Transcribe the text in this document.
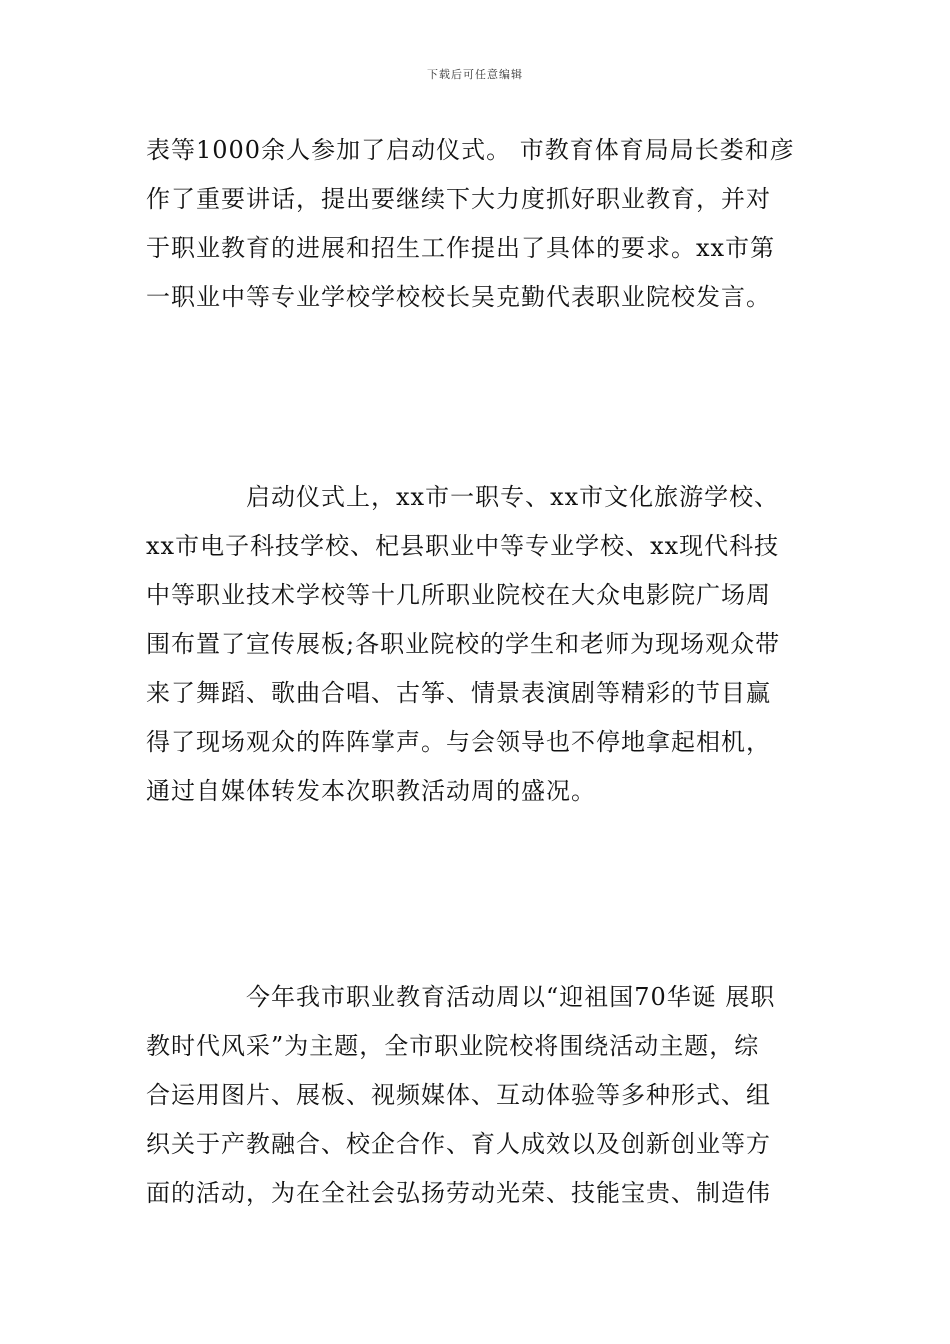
下载后可任意编辑
表等1000余人参加了启动仪式。 市教育体育局局长娄和彦
作了重要讲话，提出要继续下大力度抓好职业教育，并对
于职业教育的进展和招生工作提出了具体的要求。xx市第
一职业中等专业学校学校校长吴克勤代表职业院校发言。
启动仪式上，xx市一职专、xx市文化旅游学校、
xx市电子科技学校、杞县职业中等专业学校、xx现代科技
中等职业技术学校等十几所职业院校在大众电影院广场周
围布置了宣传展板;各职业院校的学生和老师为现场观众带
来了舞蹈、歌曲合唱、古筝、情景表演剧等精彩的节目赢
得了现场观众的阵阵掌声。与会领导也不停地拿起相机，
通过自媒体转发本次职教活动周的盛况。
今年我市职业教育活动周以“迎祖国70华诞 展职
教时代风采”为主题，全市职业院校将围绕活动主题，综
合运用图片、展板、视频媒体、互动体验等多种形式、组
织关于产教融合、校企合作、育人成效以及创新创业等方
面的活动，为在全社会弘扬劳动光荣、技能宝贵、制造伟
